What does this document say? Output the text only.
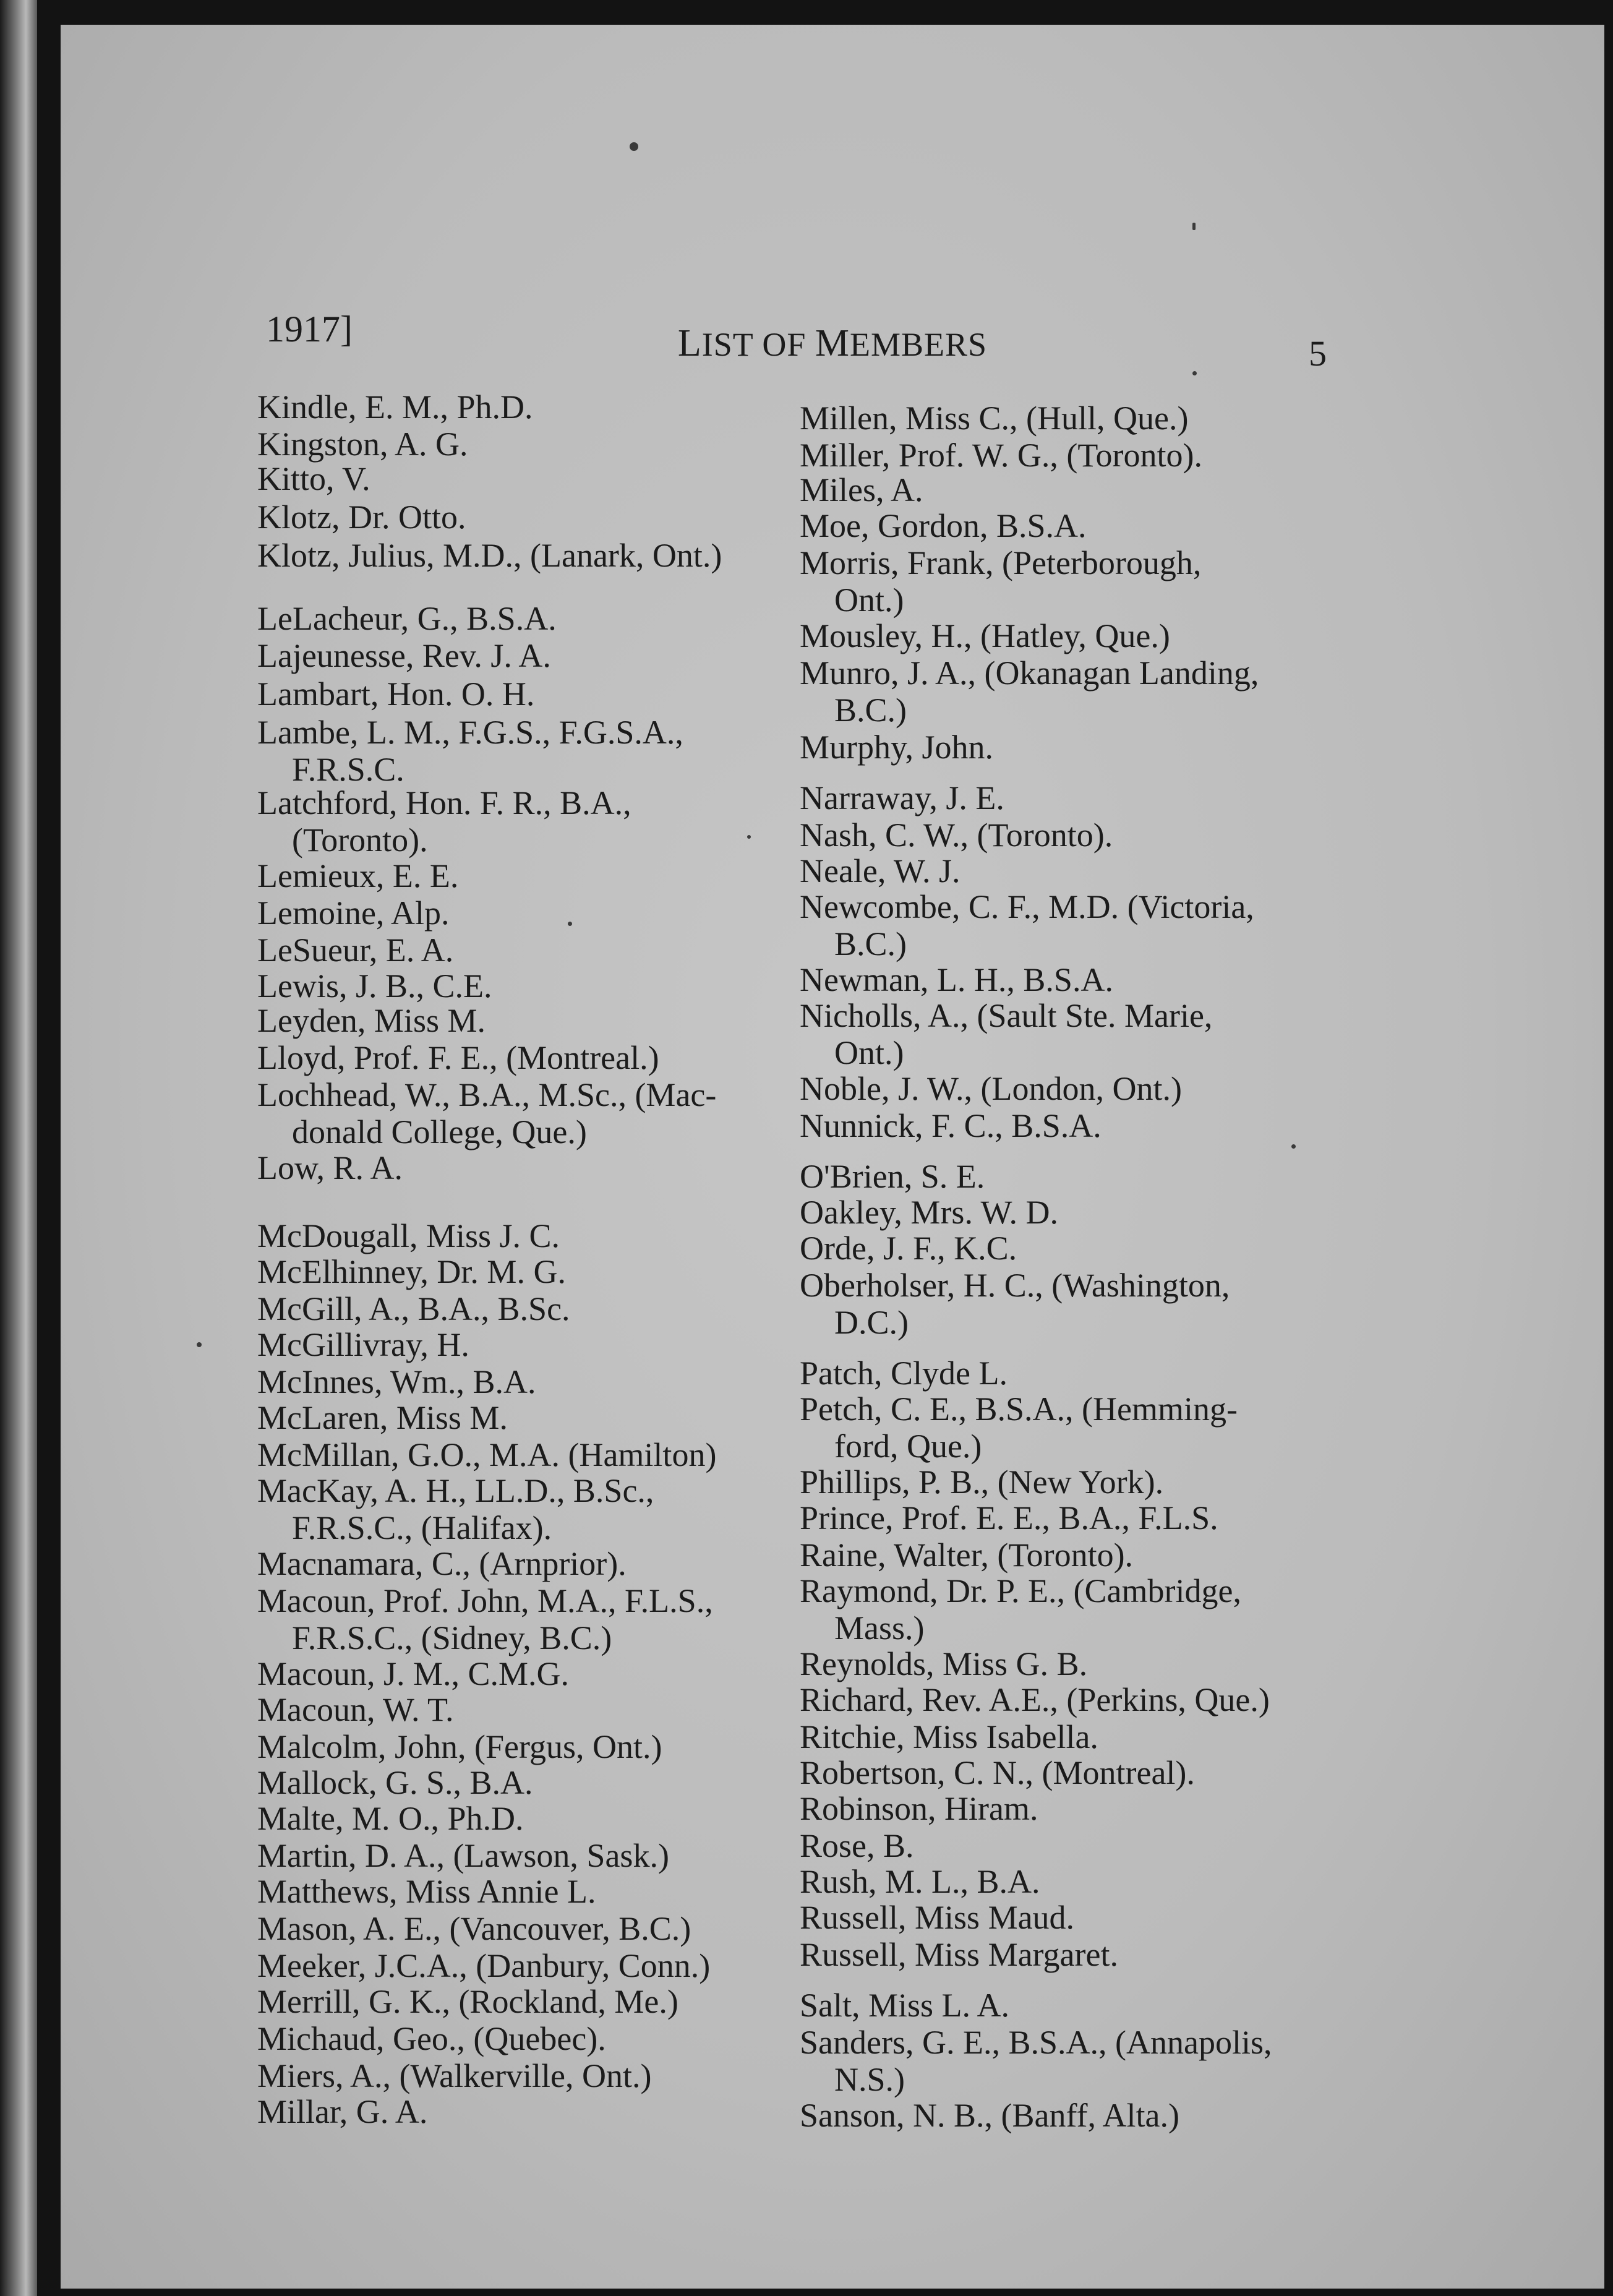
1917]	LIST OF MEMBERS	5
Kindle, E. M., Ph.D.
Kingston, A. G.
Kitto, V.
Klotz, Dr. Otto.
Klotz, Julius, M.D., (Lanark, Ont.)
LeLacheur, G., B.S.A.
Lajeunesse, Rev. J. A.
Lambart, Hon. O. H.
Lambe, L. M., F.G.S., F.G.S.A.,

F.R.S.C.
Latchford, Hon. F. R., B.A.,

(Toronto).
Lemieux, E. E.
Lemoine, Alp.
LeSueur, E. A.
Lewis, J. B., C.E.
Leyden, Miss M.
Lloyd, Prof. F. E., (Montreal.)
Lochhead, W., B.A., M.Sc., (Mac-

donald College, Que.)
Low, R. A.
McDougall, Miss J. C.
McElhinney, Dr. M. G.
McGill, A., B.A., B.Sc.
McGillivray, H.
McInnes, Wm., B.A.
McLaren, Miss M.
McMillan, G.O., M.A. (Hamilton)
MacKay, A. H., LL.D., B.Sc.,

F.R.S.C., (Halifax).
Macnamara, C., (Arnprior).
Macoun, Prof. John, M.A., F.L.S.,

F.R.S.C., (Sidney, B.C.)
Macoun, J. M., C.M.G.
Macoun, W. T.
Malcolm, John, (Fergus, Ont.)
Mallock, G. S., B.A.
Malte, M. O., Ph.D.
Martin, D. A., (Lawson, Sask.)
Matthews, Miss Annie L.
Mason, A. E., (Vancouver, B.C.)
Meeker, J.C.A., (Danbury, Conn.)
Merrill, G. K., (Rockland, Me.)
Michaud, Geo., (Quebec).
Miers, A., (Walkerville, Ont.)
Millar, G. A.
Millen, Miss C., (Hull, Que.)
Miller, Prof. W. G., (Toronto).
Miles, A.
Moe, Gordon, B.S.A.
Morris, Frank, (Peterborough,

Ont.)
Mousley, H., (Hatley, Que.)
Munro, J. A., (Okanagan Landing,

B.C.)
Murphy, John.
Narraway, J. E.
Nash, C. W., (Toronto).
Neale, W. J.
Newcombe, C. F., M.D. (Victoria,

B.C.)
Newman, L. H., B.S.A.
Nicholls, A., (Sault Ste. Marie,

Ont.)
Noble, J. W., (London, Ont.)
Nunnick, F. C., B.S.A.
O'Brien, S. E.
Oakley, Mrs. W. D.
Orde, J. F., K.C.
Oberholser, H. C., (Washington,

D.C.)
Patch, Clyde L.
Petch, C. E., B.S.A., (Hemming-

ford, Que.)
Phillips, P. B., (New York).
Prince, Prof. E. E., B.A., F.L.S.
Raine, Walter, (Toronto).
Raymond, Dr. P. E., (Cambridge,

Mass.)
Reynolds, Miss G. B.
Richard, Rev. A.E., (Perkins, Que.)
Ritchie, Miss Isabella.
Robertson, C. N., (Montreal).
Robinson, Hiram.
Rose, B.
Rush, M. L., B.A.
Russell, Miss Maud.
Russell, Miss Margaret.
Salt, Miss L. A.
Sanders, G. E., B.S.A., (Annapolis,

N.S.)
Sanson, N. B., (Banff, Alta.)
